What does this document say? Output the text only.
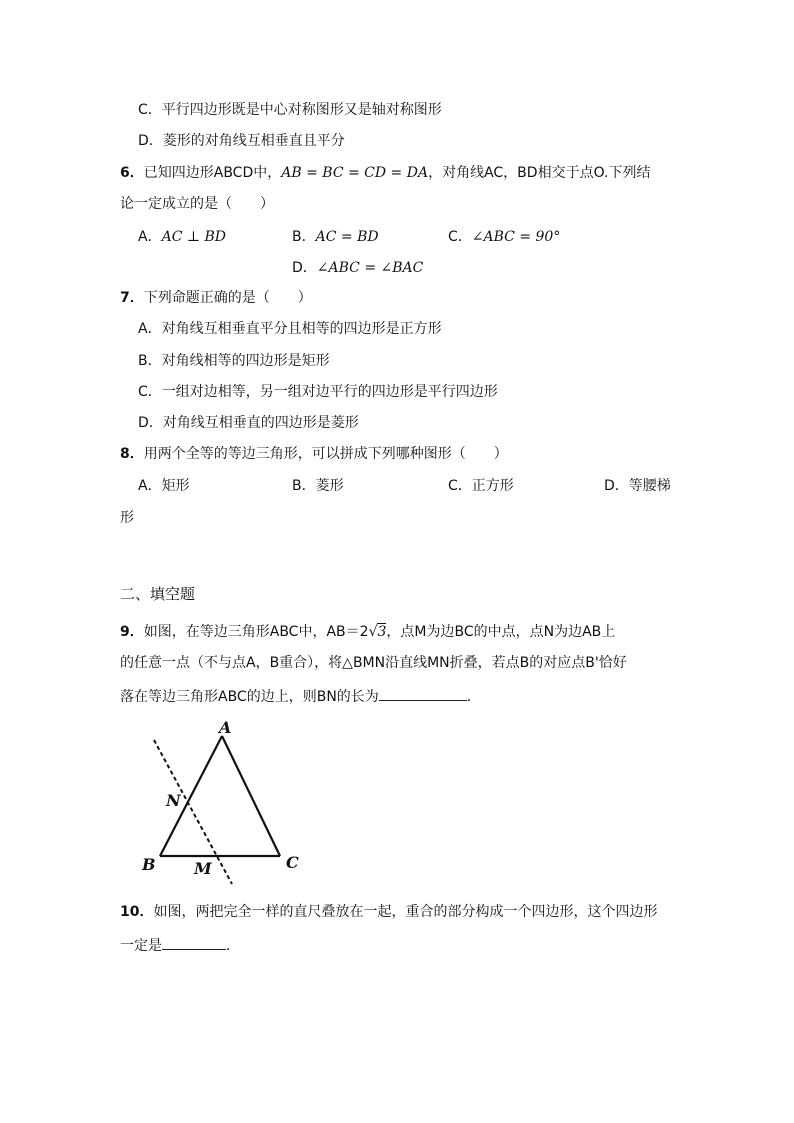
C．平行四边形既是中心对称图形又是轴对称图形
D．菱形的对角线互相垂直且平分
6．已知四边形ABCD中，AB = BC = CD = DA，对角线AC，BD相交于点O.下列结
论一定成立的是（　　）
A．AC ⊥ BD	B．AC = BD	C．∠ABC = 90°
D．∠ABC = ∠BAC
7．下列命题正确的是（　　）
A．对角线互相垂直平分且相等的四边形是正方形
B．对角线相等的四边形是矩形
C．一组对边相等，另一组对边平行的四边形是平行四边形
D．对角线互相垂直的四边形是菱形
8．用两个全等的等边三角形，可以拼成下列哪种图形（　　）
A．矩形	B．菱形	C．正方形	D．等腰梯
形
二、填空题
9．如图，在等边三角形ABC中，AB＝2√3，点M为边BC的中点，点N为边AB上
的任意一点（不与点A，B重合），将△BMN沿直线MN折叠，若点B的对应点B'恰好
落在等边三角形ABC的边上，则BN的长为	.
A
B	C
N
M
10．如图，两把完全一样的直尺叠放在一起，重合的部分构成一个四边形，这个四边形
一定是	.
